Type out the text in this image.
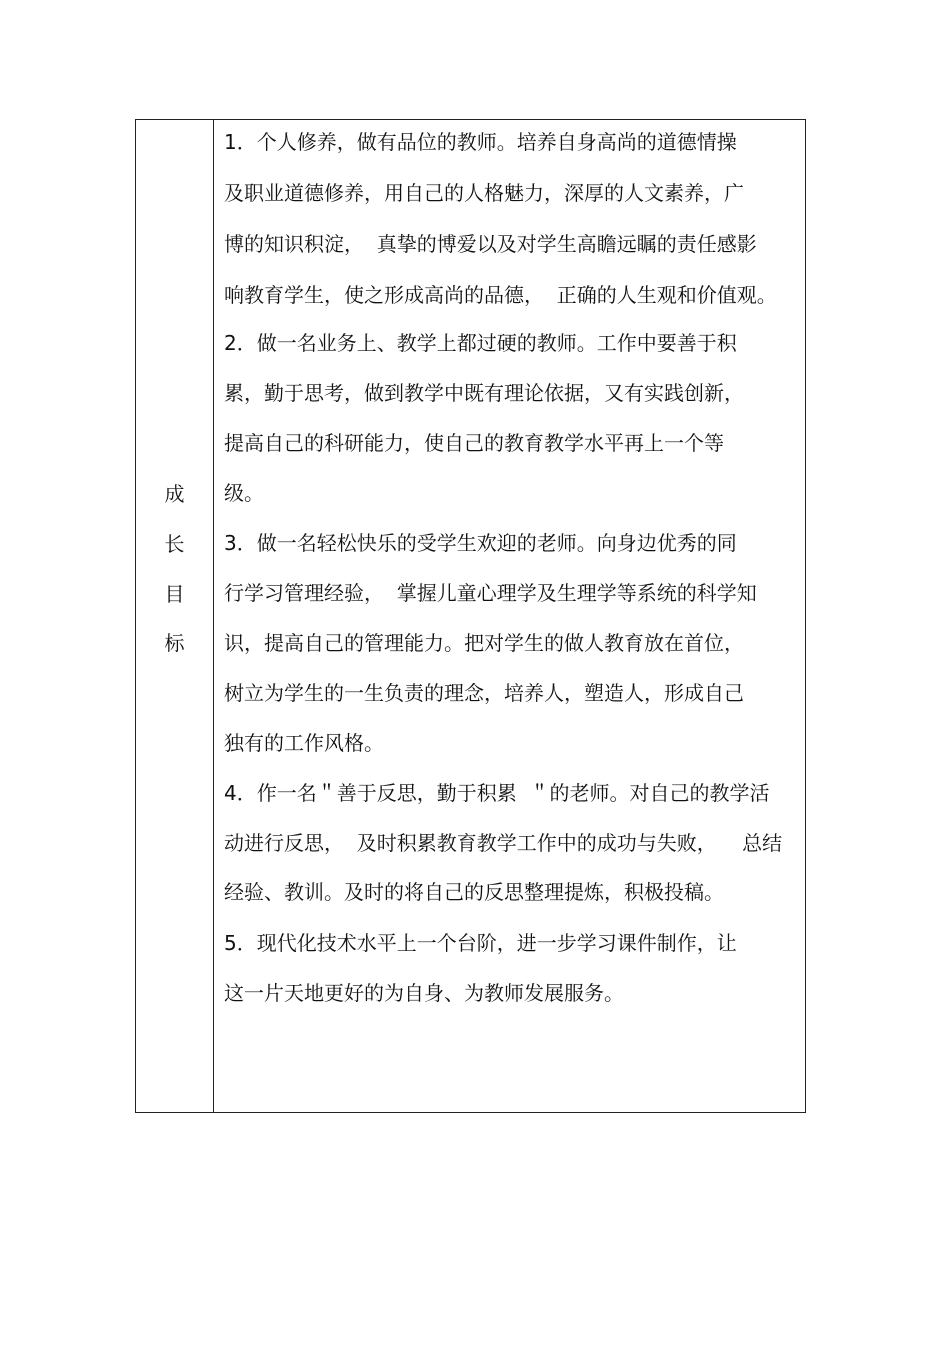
成
长
目
标
1．个人修养，做有品位的教师。培养自身高尚的道德情操
及职业道德修养，用自己的人格魅力，深厚的人文素养，广
博的知识积淀，  真挚的博爱以及对学生高瞻远瞩的责任感影
响教育学生，使之形成高尚的品德，  正确的人生观和价值观。
2．做一名业务上、教学上都过硬的教师。工作中要善于积
累，勤于思考，做到教学中既有理论依据，又有实践创新，
提高自己的科研能力，使自己的教育教学水平再上一个等
级。
3．做一名轻松快乐的受学生欢迎的老师。向身边优秀的同
行学习管理经验，  掌握儿童心理学及生理学等系统的科学知
识，提高自己的管理能力。把对学生的做人教育放在首位，
树立为学生的一生负责的理念，培养人，塑造人，形成自己
独有的工作风格。
4．作一名＂善于反思，勤于积累  ＂的老师。对自己的教学活
动进行反思，  及时积累教育教学工作中的成功与失败，    总结
经验、教训。及时的将自己的反思整理提炼，积极投稿。
5．现代化技术水平上一个台阶，进一步学习课件制作，让
这一片天地更好的为自身、为教师发展服务。
